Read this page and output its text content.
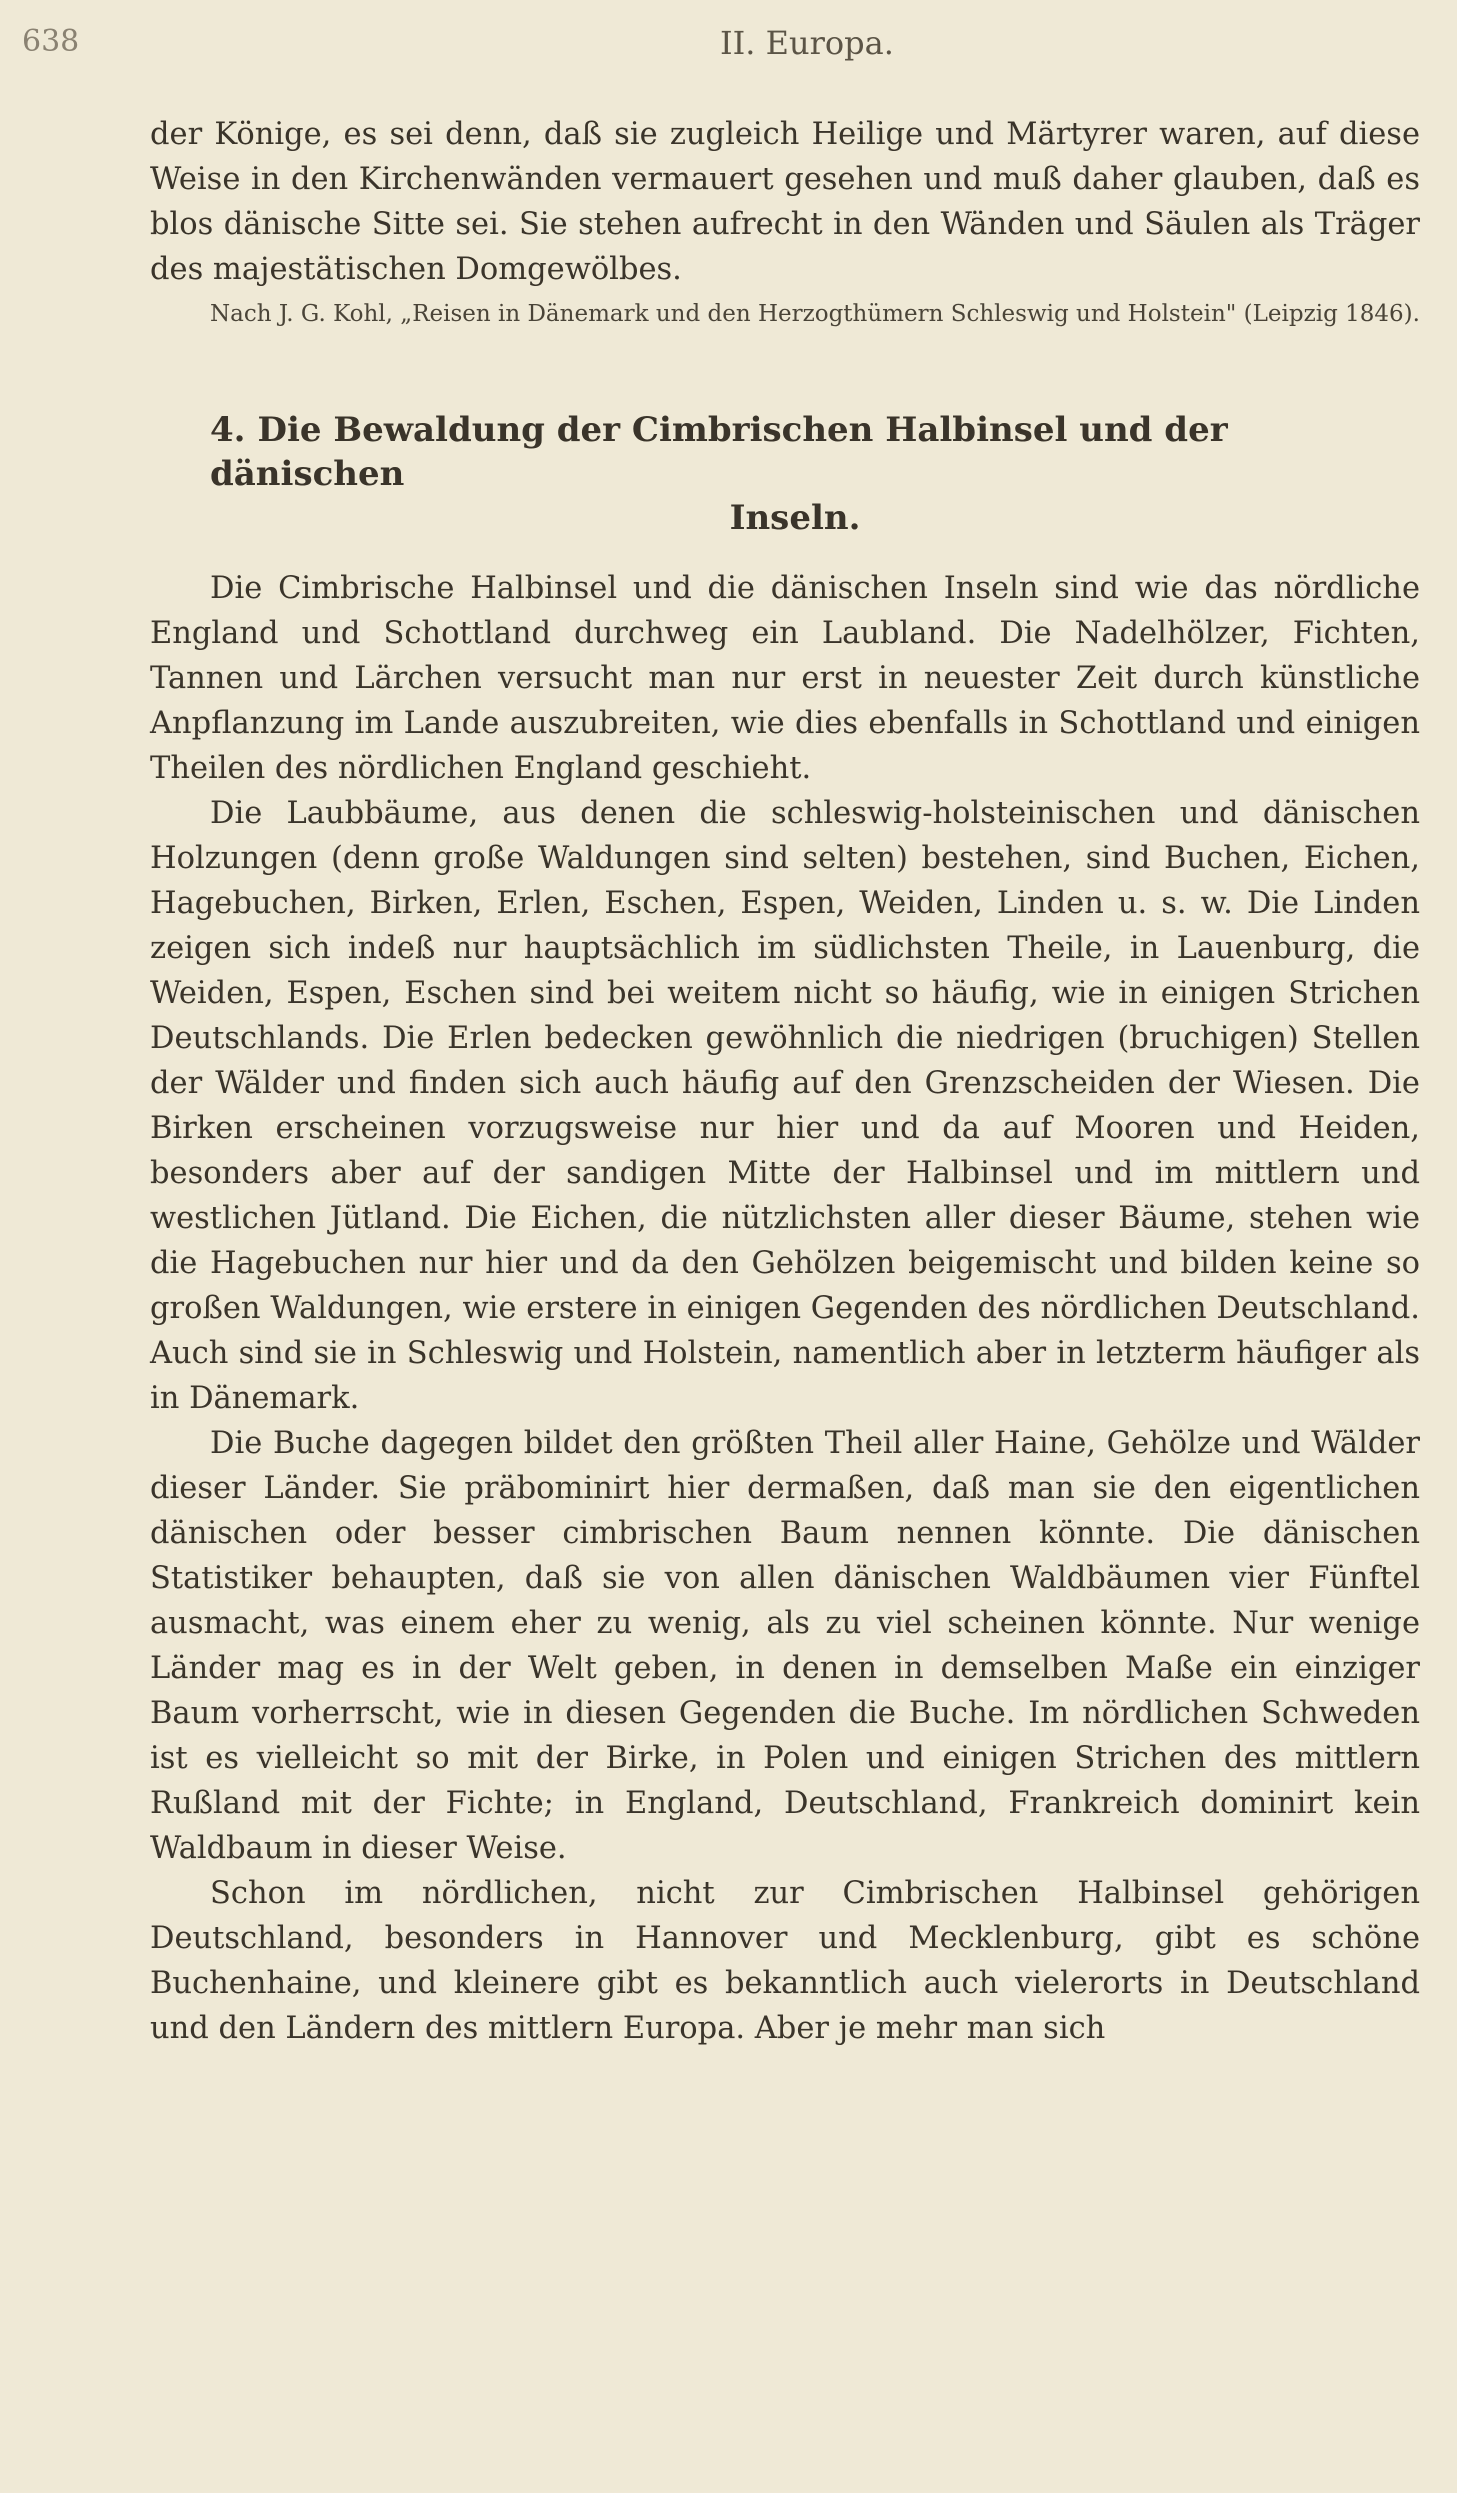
638	II. Europa.

der Könige, es sei denn, daß sie zugleich Heilige und Märtyrer waren, auf diese Weise in den Kirchenwänden vermauert gesehen und muß daher glauben, daß es blos dänische Sitte sei. Sie stehen aufrecht in den Wänden und Säulen als Träger des majestätischen Domgewölbes.

Nach J. G. Kohl, „Reisen in Dänemark und den Herzogthümern Schleswig und Holstein" (Leipzig 1846).

4. Die Bewaldung der Cimbrischen Halbinsel und der dänischen
Inseln.

Die Cimbrische Halbinsel und die dänischen Inseln sind wie das nördliche England und Schottland durchweg ein Laubland. Die Nadelhölzer, Fichten, Tannen und Lärchen versucht man nur erst in neuester Zeit durch künstliche Anpflanzung im Lande auszubreiten, wie dies ebenfalls in Schottland und einigen Theilen des nördlichen England geschieht.

Die Laubbäume, aus denen die schleswig-holsteinischen und dänischen Holzungen (denn große Waldungen sind selten) bestehen, sind Buchen, Eichen, Hagebuchen, Birken, Erlen, Eschen, Espen, Weiden, Linden u. s. w. Die Linden zeigen sich indeß nur hauptsächlich im südlichsten Theile, in Lauenburg, die Weiden, Espen, Eschen sind bei weitem nicht so häufig, wie in einigen Strichen Deutschlands. Die Erlen bedecken gewöhnlich die niedrigen (bruchigen) Stellen der Wälder und finden sich auch häufig auf den Grenzscheiden der Wiesen. Die Birken erscheinen vorzugsweise nur hier und da auf Mooren und Heiden, besonders aber auf der sandigen Mitte der Halbinsel und im mittlern und westlichen Jütland. Die Eichen, die nützlichsten aller dieser Bäume, stehen wie die Hagebuchen nur hier und da den Gehölzen beigemischt und bilden keine so großen Waldungen, wie erstere in einigen Gegenden des nördlichen Deutschland. Auch sind sie in Schleswig und Holstein, namentlich aber in letzterm häufiger als in Dänemark.

Die Buche dagegen bildet den größten Theil aller Haine, Gehölze und Wälder dieser Länder. Sie präbominirt hier dermaßen, daß man sie den eigentlichen dänischen oder besser cimbrischen Baum nennen könnte. Die dänischen Statistiker behaupten, daß sie von allen dänischen Waldbäumen vier Fünftel ausmacht, was einem eher zu wenig, als zu viel scheinen könnte. Nur wenige Länder mag es in der Welt geben, in denen in demselben Maße ein einziger Baum vorherrscht, wie in diesen Gegenden die Buche. Im nördlichen Schweden ist es vielleicht so mit der Birke, in Polen und einigen Strichen des mittlern Rußland mit der Fichte; in England, Deutschland, Frankreich dominirt kein Waldbaum in dieser Weise.

Schon im nördlichen, nicht zur Cimbrischen Halbinsel gehörigen Deutschland, besonders in Hannover und Mecklenburg, gibt es schöne Buchenhaine, und kleinere gibt es bekanntlich auch vielerorts in Deutschland und den Ländern des mittlern Europa. Aber je mehr man sich
